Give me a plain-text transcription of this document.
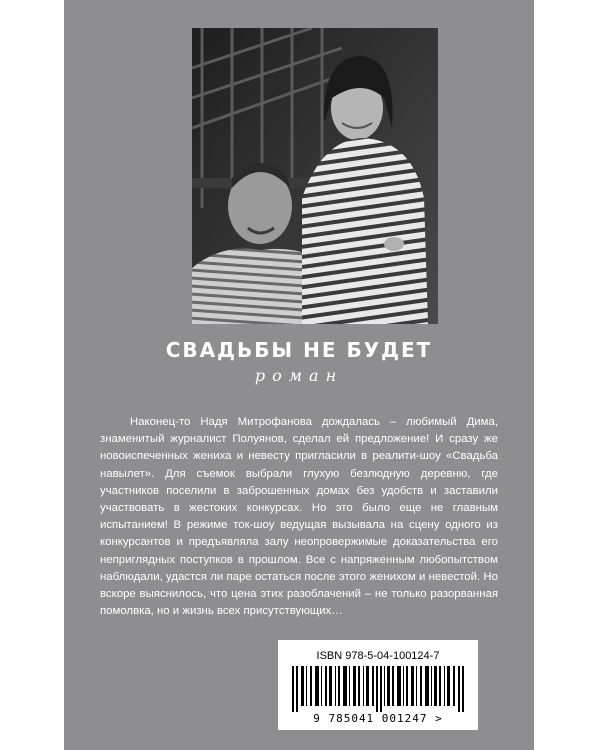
СВАДЬБЫ НЕ БУДЕТ
роман

Наконец-то Надя Митрофанова дождалась – любимый Дима, знаменитый журналист Полуянов, сделал ей предложение! И сразу же новоиспеченных жениха и невесту пригласили в реалити-шоу «Свадьба навылет». Для съемок выбрали глухую безлюдную деревню, где участников поселили в заброшенных домах без удобств и заставили участвовать в жестоких конкурсах. Но это было еще не главным испытанием! В режиме ток-шоу ведущая вызывала на сцену одного из конкурсантов и предъявляла залу неопровержимые доказательства его неприглядных поступков в прошлом. Все с напряженным любопытством наблюдали, удастся ли паре остаться после этого женихом и невестой. Но вскоре выяснилось, что цена этих разоблачений – не только разорванная помолвка, но и жизнь всех присутствующих…

ISBN 978-5-04-100124-7
9 785041 001247 >
